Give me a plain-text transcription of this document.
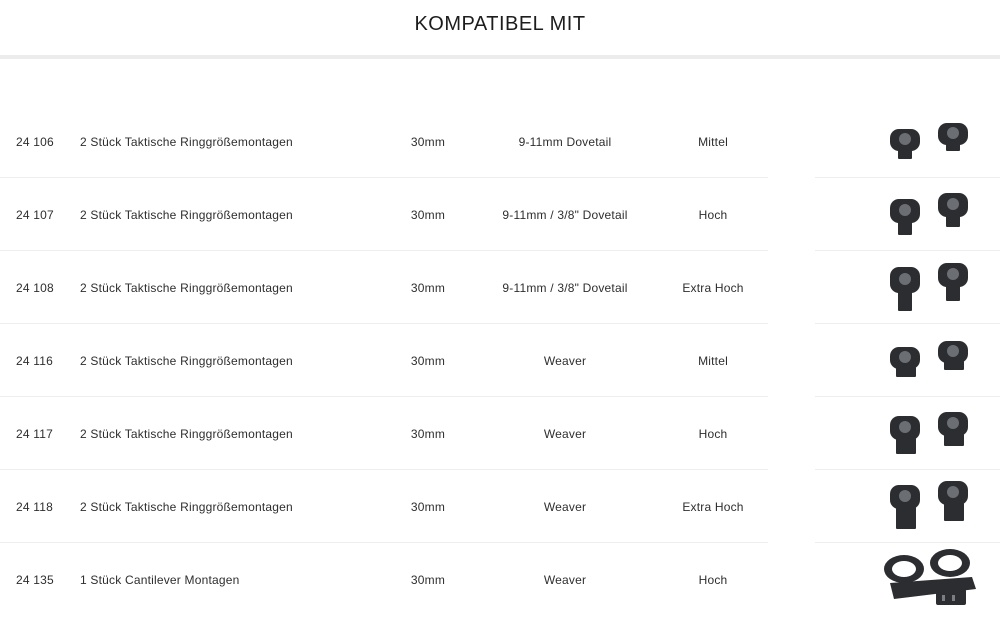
KOMPATIBEL MIT
24 106	2 Stück Taktische Ringgrößemontagen	30mm	9-11mm Dovetail	Mittel
24 107	2 Stück Taktische Ringgrößemontagen	30mm	9-11mm / 3/8" Dovetail	Hoch
24 108	2 Stück Taktische Ringgrößemontagen	30mm	9-11mm / 3/8" Dovetail	Extra Hoch
24 116	2 Stück Taktische Ringgrößemontagen	30mm	Weaver	Mittel
24 117	2 Stück Taktische Ringgrößemontagen	30mm	Weaver	Hoch
24 118	2 Stück Taktische Ringgrößemontagen	30mm	Weaver	Extra Hoch
24 135	1 Stück Cantilever Montagen	30mm	Weaver	Hoch
